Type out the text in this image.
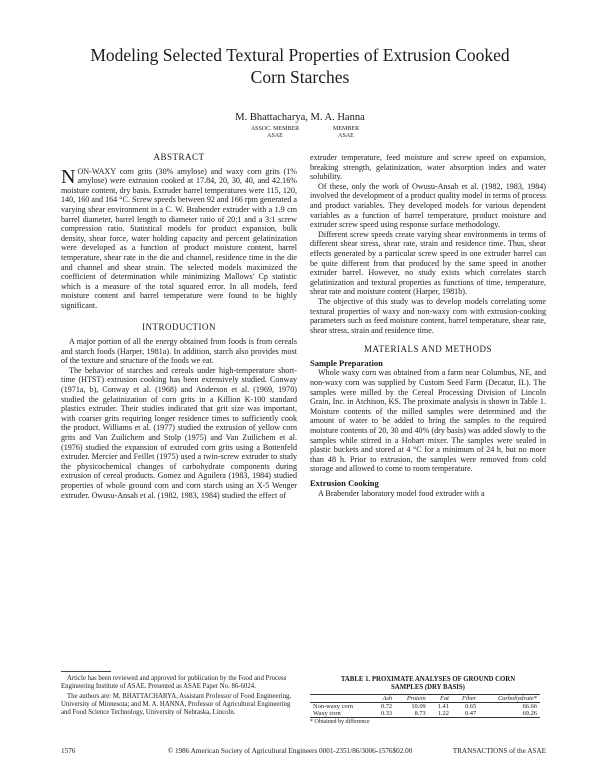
Modeling Selected Textural Properties of Extrusion Cooked
Corn Starches
M. Bhattacharya, M. A. Hanna
ASSOC. MEMBER
ASAE
MEMBER
ASAE
ABSTRACT

NON-WAXY corn grits (30% amylose) and waxy corn grits (1% amylose) were extrusion cooked at 17.84, 20, 30, 40, and 42.16% moisture content, dry basis. Extruder barrel temperatures were 115, 120, 140, 160 and 164 °C. Screw speeds between 92 and 166 rpm generated a varying shear environment in a C. W. Brabender extruder with a 1.9 cm barrel diameter, barrel length to diameter ratio of 20:1 and a 3:1 screw compression ratio. Statistical models for product expansion, bulk density, shear force, water holding capacity and percent gelatinization were developed as a function of product moisture content, barrel temperature, shear rate in the die and channel, residence time in the die and channel and shear strain. The selected models maximized the coefficient of determination while minimizing Mallows' Cp statistic which is a measure of the total squared error. In all models, feed moisture content and barrel temperature were found to be highly significant.

INTRODUCTION

A major portion of all the energy obtained from foods is from cereals and starch foods (Harper, 1981a). In addition, starch also provides most of the texture and structure of the foods we eat.

The behavior of starches and cereals under high-temperature short-time (HTST) extrusion cooking has been extensively studied. Conway (1971a, b), Conway et al. (1968) and Anderson et al. (1969, 1970) studied the gelatinization of corn grits in a Killion K-100 standard plastics extruder. Their studies indicated that grit size was important, with coarser grits requiring longer residence times to sufficiently cook the product. Williams et al. (1977) studied the extrusion of yellow corn grits and Van Zuilichem and Stolp (1975) and Van Zuilichem et al. (1976) studied the expansion of extruded corn grits using a Bottenfeld extruder. Mercier and Feillet (1975) used a twin-screw extruder to study the physicochemical changes of carbohydrate components during extrusion of cereal products. Gomez and Aguilera (1983, 1984) studied properties of whole ground corn and corn starch using an X-5 Wenger extruder. Owusu-Ansah et al. (1982, 1983, 1984) studied the effect of

Article has been reviewed and approved for publication by the Food and Process Engineering Institute of ASAE. Presented as ASAE Paper No. 86-6024.

The authors are: M. BHATTACHARYA, Assistant Professor of Food Engineering, University of Minnesota; and M. A. HANNA, Professor of Agricultural Engineering and Food Science Technology, University of Nebraska, Lincoln.

extruder temperature, feed moisture and screw speed on expansion, breaking strength, gelatinization, water absorption index and water solubility.

Of these, only the work of Owusu-Ansah et al. (1982, 1983, 1984) involved the development of a product quality model in terms of process and product variables. They developed models for various dependent variables as a function of barrel temperature, product moisture and extruder screw speed using response surface methodology.

Different screw speeds create varying shear environments in terms of different shear stress, shear rate, strain and residence time. Thus, shear effects generated by a particular screw speed in one extruder barrel can be quite different from that produced by the same speed in another extruder barrel. However, no study exists which correlates starch gelatinization and textural properties as functions of time, temperature, shear rate and moisture content (Harper, 1981b).

The objective of this study was to develop models correlating some textural properties of waxy and non-waxy corn with extrusion-cooking parameters such as feed moisture content, barrel temperature, shear rate, shear stress, strain and residence time.

MATERIALS AND METHODS
Sample Preparation

Whole waxy corn was obtained from a farm near Columbus, NE, and non-waxy corn was supplied by Custom Seed Farm (Decatur, IL). The samples were milled by the Cereal Processing Division of Lincoln Grain, Inc. in Atchison, KS. The proximate analysis is shown in Table 1. Moisture contents of the milled samples were determined and the amount of water to be added to bring the samples to the required moisture contents of 20, 30 and 40% (dry basis) was added slowly to the samples while stirred in a Hobart mixer. The samples were sealed in plastic buckets and stored at 4 °C for a minimum of 24 h, but no more than 48 h. Prior to extrusion, the samples were removed from cold storage and allowed to come to room temperature.

Extrusion Cooking

A Brabender laboratory model food extruder with a

TABLE 1. PROXIMATE ANALYSES OF GROUND CORN
SAMPLES (DRY BASIS)
	Ash	Protein	Fat	Fiber	Carbohydrate*
Non-waxy corn	0.72	10.09	1.41	0.65	66.66
Waxy corn	0.33	8.73	1.22	0.47	69.26
* Obtained by difference
1576	© 1986 American Society of Agricultural Engineers 0001-2351/86/3006-1576$02.00	TRANSACTIONS of the ASAE
